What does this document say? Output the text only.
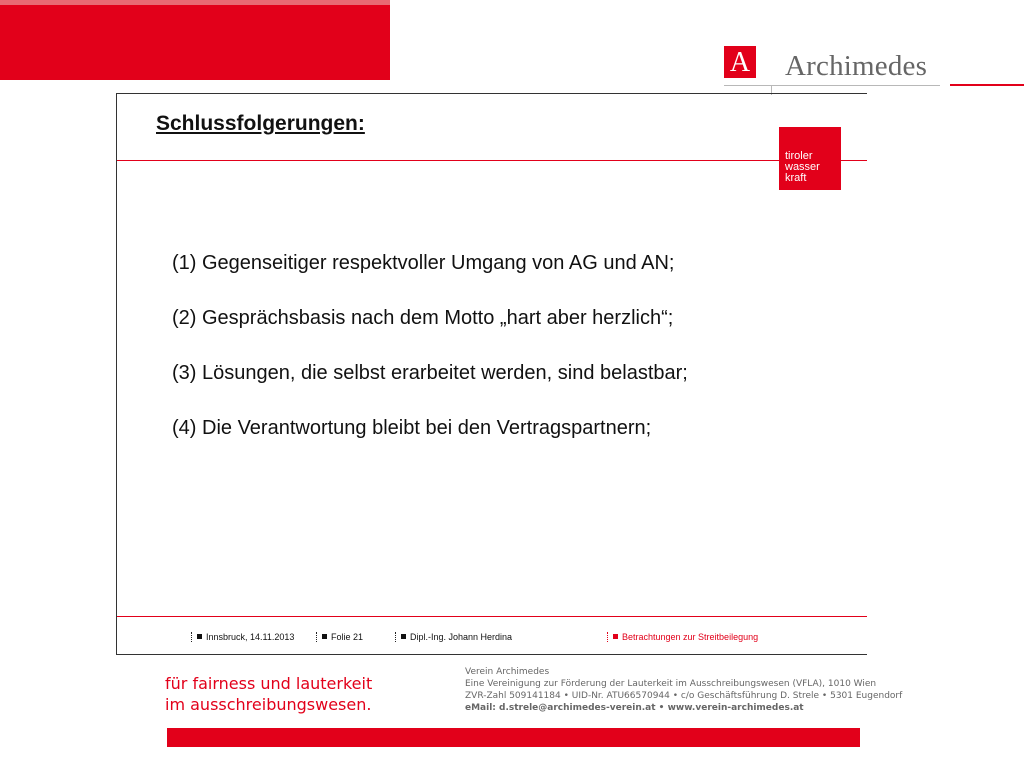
A Archimedes
Schlussfolgerungen:
tiroler
wasser
kraft
(1) Gegenseitiger respektvoller Umgang von AG und AN;
(2) Gesprächsbasis nach dem Motto „hart aber herzlich“;
(3) Lösungen, die selbst erarbeitet werden, sind belastbar;
(4) Die Verantwortung bleibt bei den Vertragspartnern;
Innsbruck, 14.11.2013	Folie 21	Dipl.-Ing. Johann Herdina	Betrachtungen zur Streitbeilegung
für fairness und lauterkeit
im ausschreibungswesen.
Verein Archimedes
Eine Vereinigung zur Förderung der Lauterkeit im Ausschreibungswesen (VFLA), 1010 Wien
ZVR-Zahl 509141184 • UID-Nr. ATU66570944 • c/o Geschäftsführung D. Strele • 5301 Eugendorf
eMail: d.strele@archimedes-verein.at • www.verein-archimedes.at
